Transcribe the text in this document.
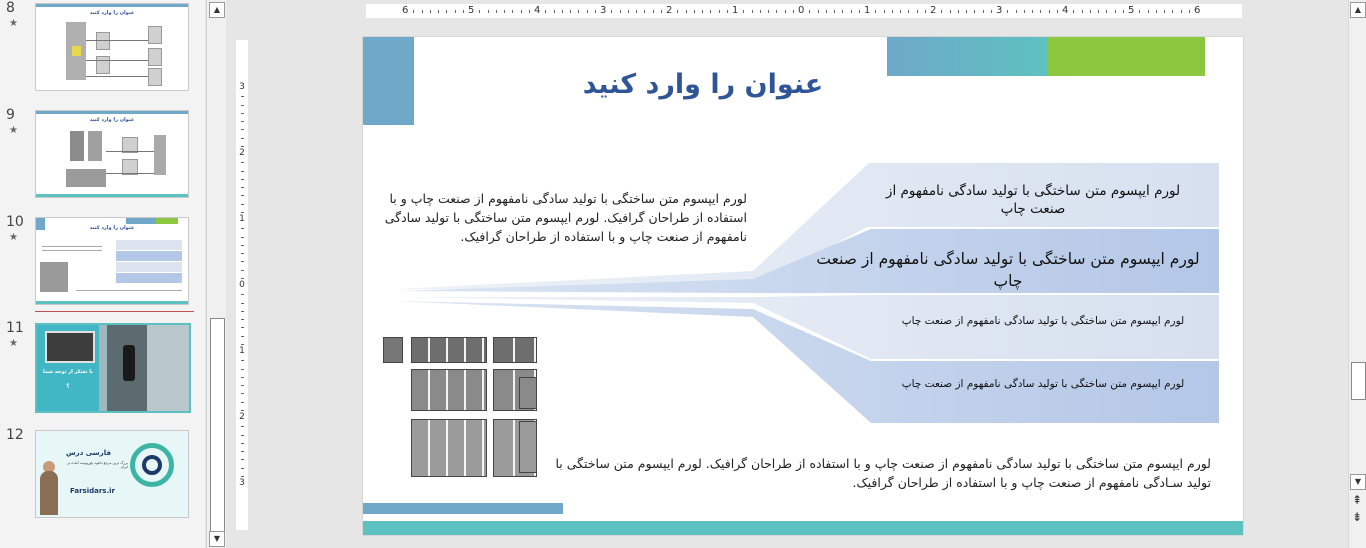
8
★
عنوان را وارد کنید
9
★
عنوان را وارد کنید
10
★
عنوان را وارد کنید
11
★
با تشکر از توجه شما
؟
12
فارسی درس
بزرگ ترین مرجع دانلود پاورپوینت آماده در ایران
Farsidars.ir
▲
▼
6	5	4	3	2	1	0	1	2	3	4	5	6
3
2
1
0
1
2
3
عنوان را وارد کنید
لورم ایپسوم متن ساختگی با تولید سادگی نامفهوم از صنعت چاپ و با استفاده از طراحان گرافیک. لورم ایپسوم متن ساختگی با تولید سادگی نامفهوم از صنعت چاپ و با استفاده از طراحان گرافیک.
لورم ایپسوم متن ساختگی با تولید سادگی نامفهوم از صنعت چاپ
لورم ایپسوم متن ساختگی با تولید سادگی نامفهوم از صنعت چاپ
لورم ایپسوم متن ساختگی با تولید سادگی نامفهوم از صنعت چاپ
لورم ایپسوم متن ساختگی با تولید سادگی نامفهوم از صنعت چاپ
لورم ایپسوم متن ساختگی با تولید سادگی نامفهوم از صنعت چاپ و با استفاده از طراحان گرافیک. لورم ایپسوم متن ساختگی با تولید سـادگی نامفهوم از صنعت چاپ و با استفاده از طراحان گرافیک.
▲
▼
⇞
⇟
